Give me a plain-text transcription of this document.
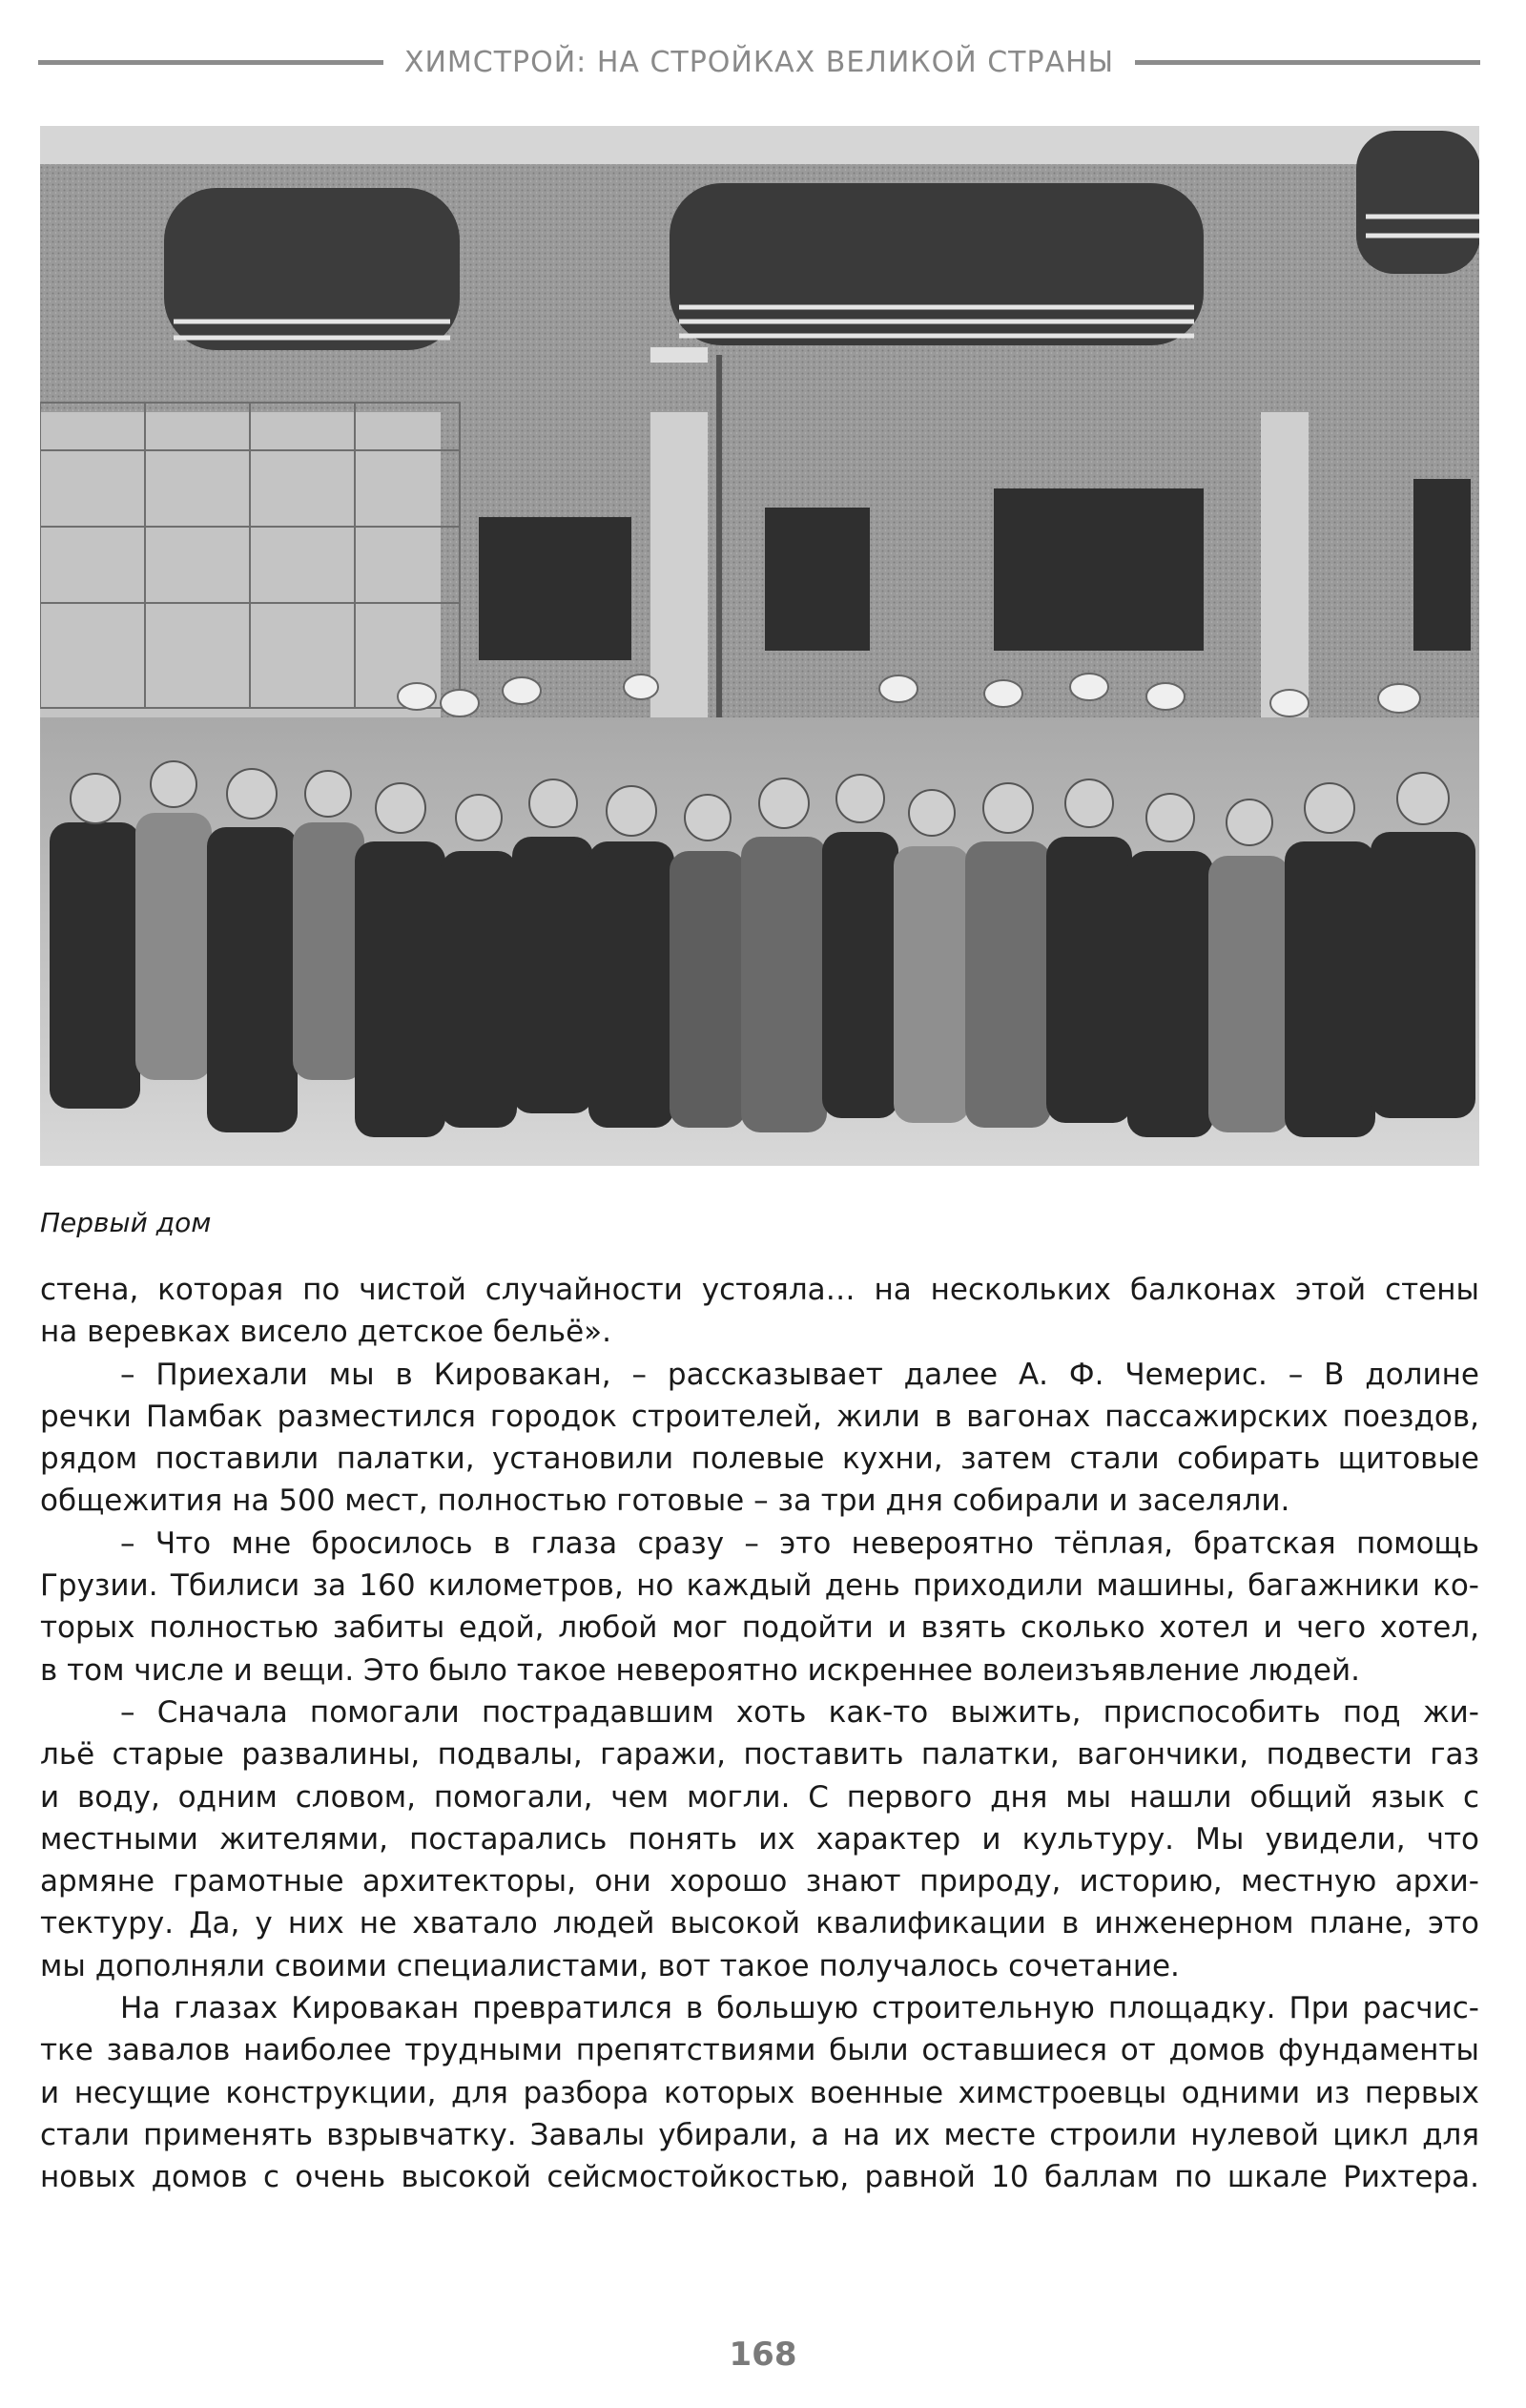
ХИМСТРОЙ: НА СТРОЙКАХ ВЕЛИКОЙ СТРАНЫ
Первый дом
стена, которая по чистой случайности устояла… на нескольких балконах этой стены
на веревках висело детское бельё».
– Приехали мы в Кировакан, – рассказывает далее А. Ф. Чемерис. – В долине
речки Памбак разместился городок строителей, жили в вагонах пассажирских поездов,
рядом поставили палатки, установили полевые кухни, затем стали собирать щитовые
общежития на 500 мест, полностью готовые – за три дня собирали и заселяли.
– Что мне бросилось в глаза сразу – это невероятно тёплая, братская помощь
Грузии. Тбилиси за 160 километров, но каждый день приходили машины, багажники ко-
торых полностью забиты едой, любой мог подойти и взять сколько хотел и чего хотел,
в том числе и вещи. Это было такое невероятно искреннее волеизъявление людей.
– Сначала помогали пострадавшим хоть как-то выжить, приспособить под жи-
льё старые развалины, подвалы, гаражи, поставить палатки, вагончики, подвести газ
и воду, одним словом, помогали, чем могли. С первого дня мы нашли общий язык с
местными жителями, постарались понять их характер и культуру. Мы увидели, что
армяне грамотные архитекторы, они хорошо знают природу, историю, местную архи-
тектуру. Да, у них не хватало людей высокой квалификации в инженерном плане, это
мы дополняли своими специалистами, вот такое получалось сочетание.
На глазах Кировакан превратился в большую строительную площадку. При расчис-
тке завалов наиболее трудными препятствиями были оставшиеся от домов фундаменты
и несущие конструкции, для разбора которых военные химстроевцы одними из первых
стали применять взрывчатку. Завалы убирали, а на их месте строили нулевой цикл для
новых домов с очень высокой сейсмостойкостью, равной 10 баллам по шкале Рихтера.
168
